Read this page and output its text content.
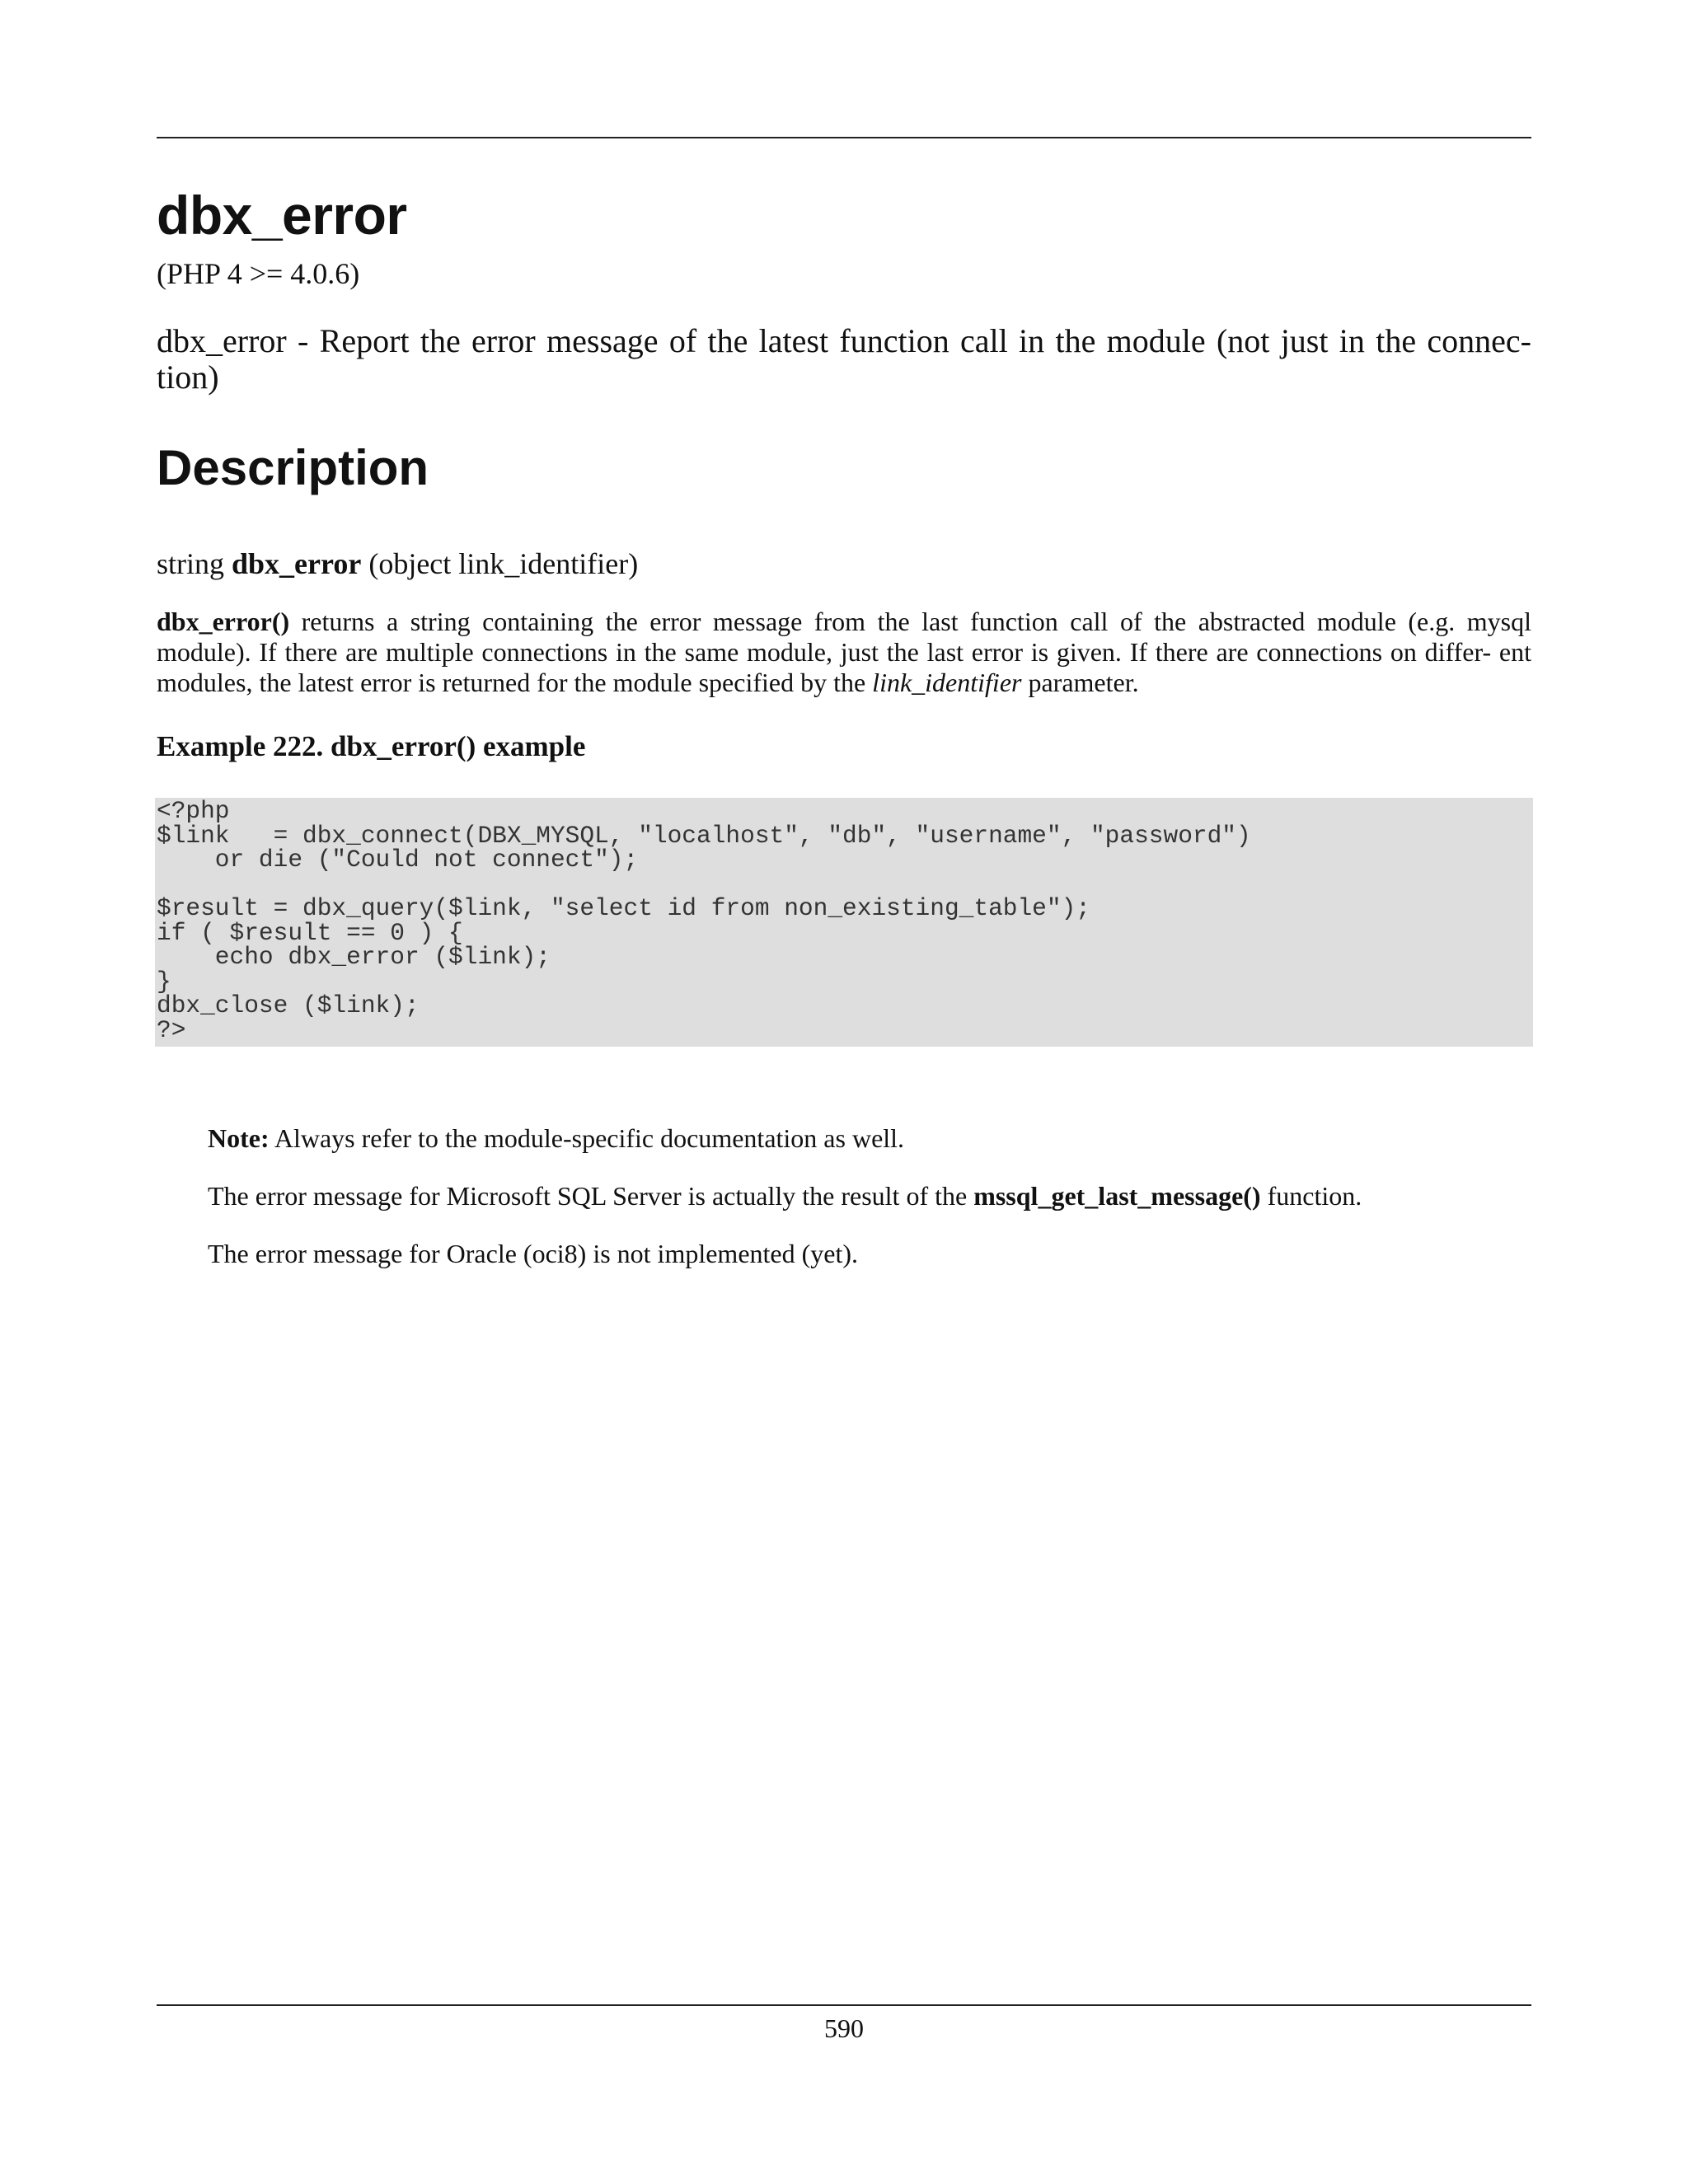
dbx_error
(PHP 4 >= 4.0.6)
dbx_error - Report the error message of the latest function call in the module (not just in the connec- tion)
Description
string dbx_error (object link_identifier)
dbx_error() returns a string containing the error message from the last function call of the abstracted module (e.g. mysql module). If there are multiple connections in the same module, just the last error is given. If there are connections on differ- ent modules, the latest error is returned for the module specified by the link_identifier parameter.
Example 222. dbx_error() example
<?php
$link   = dbx_connect(DBX_MYSQL, "localhost", "db", "username", "password")
or die ("Could not connect");

$result = dbx_query($link, "select id from non_existing_table");
if ( $result == 0 ) {
echo dbx_error ($link);
}
dbx_close ($link);
?>
Note: Always refer to the module-specific documentation as well.
The error message for Microsoft SQL Server is actually the result of the mssql_get_last_message() function.
The error message for Oracle (oci8) is not implemented (yet).
590
